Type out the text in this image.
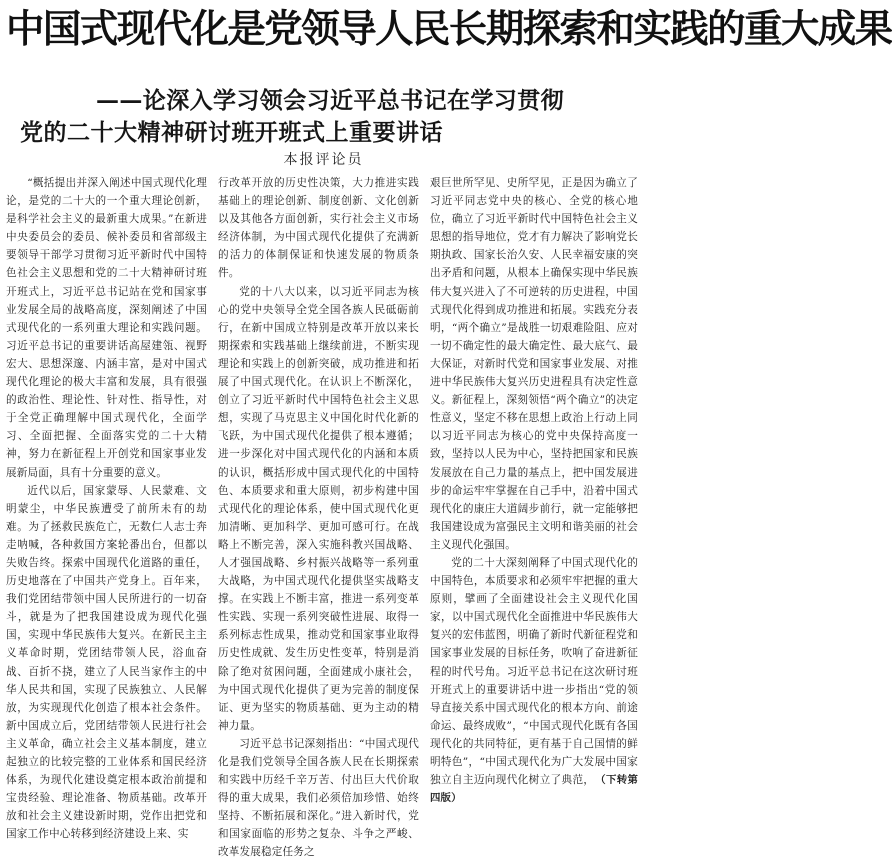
中国式现代化是党领导人民长期探索和实践的重大成果
——论深入学习领会习近平总书记在学习贯彻
党的二十大精神研讨班开班式上重要讲话
本报评论员

“概括提出并深入阐述中国式现代化理论，是党的二十大的一个重大理论创新，是科学社会主义的最新重大成果。”在新进中央委员会的委员、候补委员和省部级主要领导干部学习贯彻习近平新时代中国特色社会主义思想和党的二十大精神研讨班开班式上，习近平总书记站在党和国家事业发展全局的战略高度，深刻阐述了中国式现代化的一系列重大理论和实践问题。习近平总书记的重要讲话高屋建瓴、视野宏大、思想深邃、内涵丰富，是对中国式现代化理论的极大丰富和发展，具有很强的政治性、理论性、针对性、指导性，对于全党正确理解中国式现代化，全面学习、全面把握、全面落实党的二十大精神，努力在新征程上开创党和国家事业发展新局面，具有十分重要的意义。

近代以后，国家蒙辱、人民蒙难、文明蒙尘，中华民族遭受了前所未有的劫难。为了拯救民族危亡，无数仁人志士奔走呐喊，各种救国方案轮番出台，但都以失败告终。探索中国现代化道路的重任，历史地落在了中国共产党身上。百年来，我们党团结带领中国人民所进行的一切奋斗，就是为了把我国建设成为现代化强国，实现中华民族伟大复兴。在新民主主义革命时期，党团结带领人民，浴血奋战、百折不挠，建立了人民当家作主的中华人民共和国，实现了民族独立、人民解放，为实现现代化创造了根本社会条件。新中国成立后，党团结带领人民进行社会主义革命，确立社会主义基本制度，建立起独立的比较完整的工业体系和国民经济体系，为现代化建设奠定根本政治前提和宝贵经验、理论准备、物质基础。改革开放和社会主义建设新时期，党作出把党和国家工作中心转移到经济建设上来、实

行改革开放的历史性决策，大力推进实践基础上的理论创新、制度创新、文化创新以及其他各方面创新，实行社会主义市场经济体制，为中国式现代化提供了充满新的活力的体制保证和快速发展的物质条件。

党的十八大以来，以习近平同志为核心的党中央领导全党全国各族人民砥砺前行，在新中国成立特别是改革开放以来长期探索和实践基础上继续前进，不断实现理论和实践上的创新突破，成功推进和拓展了中国式现代化。在认识上不断深化，创立了习近平新时代中国特色社会主义思想，实现了马克思主义中国化时代化新的飞跃，为中国式现代化提供了根本遵循；进一步深化对中国式现代化的内涵和本质的认识，概括形成中国式现代化的中国特色、本质要求和重大原则，初步构建中国式现代化的理论体系，使中国式现代化更加清晰、更加科学、更加可感可行。在战略上不断完善，深入实施科教兴国战略、人才强国战略、乡村振兴战略等一系列重大战略，为中国式现代化提供坚实战略支撑。在实践上不断丰富，推进一系列变革性实践、实现一系列突破性进展、取得一系列标志性成果，推动党和国家事业取得历史性成就、发生历史性变革，特别是消除了绝对贫困问题，全面建成小康社会，为中国式现代化提供了更为完善的制度保证、更为坚实的物质基础、更为主动的精神力量。

习近平总书记深刻指出：“中国式现代化是我们党领导全国各族人民在长期探索和实践中历经千辛万苦、付出巨大代价取得的重大成果，我们必须倍加珍惜、始终坚持、不断拓展和深化。”进入新时代，党和国家面临的形势之复杂、斗争之严峻、改革发展稳定任务之

艰巨世所罕见、史所罕见，正是因为确立了习近平同志党中央的核心、全党的核心地位，确立了习近平新时代中国特色社会主义思想的指导地位，党才有力解决了影响党长期执政、国家长治久安、人民幸福安康的突出矛盾和问题，从根本上确保实现中华民族伟大复兴进入了不可逆转的历史进程，中国式现代化得到成功推进和拓展。实践充分表明，“两个确立”是战胜一切艰难险阻、应对一切不确定性的最大确定性、最大底气、最大保证，对新时代党和国家事业发展、对推进中华民族伟大复兴历史进程具有决定性意义。新征程上，深刻领悟“两个确立”的决定性意义，坚定不移在思想上政治上行动上同以习近平同志为核心的党中央保持高度一致，坚持以人民为中心，坚持把国家和民族发展放在自己力量的基点上，把中国发展进步的命运牢牢掌握在自己手中，沿着中国式现代化的康庄大道阔步前行，就一定能够把我国建设成为富强民主文明和谐美丽的社会主义现代化强国。

党的二十大深刻阐释了中国式现代化的中国特色，本质要求和必须牢牢把握的重大原则，擘画了全面建设社会主义现代化国家，以中国式现代化全面推进中华民族伟大复兴的宏伟蓝图，明确了新时代新征程党和国家事业发展的目标任务，吹响了奋进新征程的时代号角。习近平总书记在这次研讨班开班式上的重要讲话中进一步指出“党的领导直接关系中国式现代化的根本方向、前途命运、最终成败”，“中国式现代化既有各国现代化的共同特征，更有基于自己国情的鲜明特色”，“中国式现代化为广大发展中国家独立自主迈向现代化树立了典范， （下转第四版）
